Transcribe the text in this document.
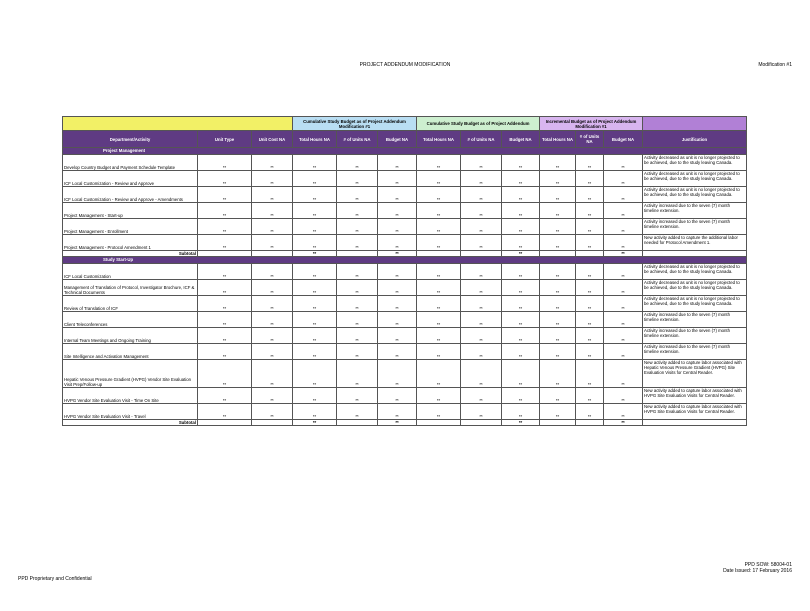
PROJECT ADDENDUM MODIFICATION	Modification #1
			Cumulative Study Budget as of Project Addendum Modification #1			Cumulative Study Budget as of Project Addendum			Incremental Budget as of Project Addendum Modification #1			
Department/Activity	Unit Type	Unit Cost NA	Total Hours NA	# of Units NA	Budget NA	Total Hours NA	# of Units NA	Budget NA	Total Hours NA	# of Units NA	Budget NA	Justification
Project Management												
Develop Country Budget and Payment Schedule Template	**	**	**	**	**	**	**	**	**	**	**	Activity decreased as unit is no longer projected to be achieved, due to the study leaving Canada.
ICF Local Customization - Review and Approve	**	**	**	**	**	**	**	**	**	**	**	Activity decreased as unit is no longer projected to be achieved, due to the study leaving Canada.
ICF Local Customization - Review and Approve - Amendments	**	**	**	**	**	**	**	**	**	**	**	Activity decreased as unit is no longer projected to be achieved, due to the study leaving Canada.
Project Management - Start-up	**	**	**	**	**	**	**	**	**	**	**	Activity increased due to the seven (7) month timeline extension.
Project Management - Enrollment	**	**	**	**	**	**	**	**	**	**	**	Activity increased due to the seven (7) month timeline extension.
Project Management - Protocol Amendment 1	**	**	**	**	**	**	**	**	**	**	**	New activity added to capture the additional labor needed for Protocol Amendment 1.
Subtotal			**		**			**			**	
Study Start-Up												
ICF Local Customization	**	**	**	**	**	**	**	**	**	**	**	Activity decreased as unit is no longer projected to be achieved, due to the study leaving Canada.
Management of Translation of Protocol, Investigator Brochure, ICF & Technical Documents	**	**	**	**	**	**	**	**	**	**	**	Activity decreased as unit is no longer projected to be achieved, due to the study leaving Canada.
Review of Translation of ICF	**	**	**	**	**	**	**	**	**	**	**	Activity decreased as unit is no longer projected to be achieved, due to the study leaving Canada.
Client Teleconferences	**	**	**	**	**	**	**	**	**	**	**	Activity increased due to the seven (7) month timeline extension.
Internal Team Meetings and Ongoing Training	**	**	**	**	**	**	**	**	**	**	**	Activity increased due to the seven (7) month timeline extension.
Site Intelligence and Activation Management	**	**	**	**	**	**	**	**	**	**	**	Activity increased due to the seven (7) month timeline extension.
Hepatic Venous Pressure Gradient (HVPG) Vendor Site Evaluation Visit Prep/Follow-up	**	**	**	**	**	**	**	**	**	**	**	New activity added to capture labor associated with Hepatic Venous Pressure Gradient (HVPG) Site Evaluation Visits for Central Reader.
HVPG Vendor Site Evaluation Visit - Time On Site	**	**	**	**	**	**	**	**	**	**	**	New activity added to capture labor associated with HVPG Site Evaluation Visits for Central Reader.
HVPG Vendor Site Evaluation Visit - Travel	**	**	**	**	**	**	**	**	**	**	**	New activity added to capture labor associated with HVPG Site Evaluation Visits for Central Reader.
Subtotal			**		**			**			**	
PPD SOW: 58004-01
Date Issued: 17 February 2016
PPD Proprietary and Confidential
